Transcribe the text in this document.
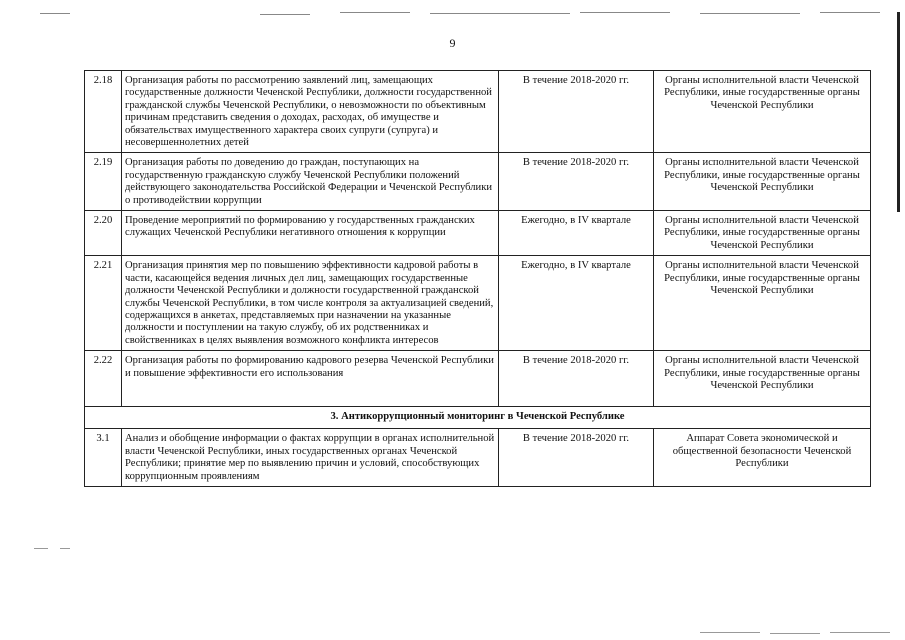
9
2.18	Организация работы по рассмотрению заявлений лиц, замещающих государственные должности Чеченской Республики, должности государственной гражданской службы Чеченской Республики, о невозможности по объективным причинам представить сведения о доходах, расходах, об имуществе и обязательствах имущественного характера своих супруги (супруга) и несовершеннолетних детей	В течение 2018-2020 гг.	Органы исполнительной власти Чеченской Республики, иные государственные органы Чеченской Республики
2.19	Организация работы по доведению до граждан, поступающих на государственную гражданскую службу Чеченской Республики положений действующего законодательства Российской Федерации и Чеченской Республики о противодействии коррупции	В течение 2018-2020 гг.	Органы исполнительной власти Чеченской Республики, иные государственные органы Чеченской Республики
2.20	Проведение мероприятий по формированию у государственных гражданских служащих Чеченской Республики негативного отношения к коррупции	Ежегодно, в IV квартале	Органы исполнительной власти Чеченской Республики, иные государственные органы Чеченской Республики
2.21	Организация принятия мер по повышению эффективности кадровой работы в части, касающейся ведения личных дел лиц, замещающих государственные должности Чеченской Республики и должности государственной гражданской службы Чеченской Республики, в том числе контроля за актуализацией сведений, содержащихся в анкетах, представляемых при назначении на указанные должности и поступлении на такую службу, об их родственниках и свойственниках в целях выявления возможного конфликта интересов	Ежегодно, в IV квартале	Органы исполнительной власти Чеченской Республики, иные государственные органы Чеченской Республики
2.22	Организация работы по формированию кадрового резерва Чеченской Республики и повышение эффективности его использования	В течение 2018-2020 гг.	Органы исполнительной власти Чеченской Республики, иные государственные органы Чеченской Республики
3. Антикоррупционный мониторинг в Чеченской Республике			
3.1	Анализ и обобщение информации о фактах коррупции в органах исполнительной власти Чеченской Республики, иных государственных органах Чеченской Республики; принятие мер по выявлению причин и условий, способствующих коррупционным проявлениям	В течение 2018-2020 гг.	Аппарат Совета экономической и общественной безопасности Чеченской Республики
